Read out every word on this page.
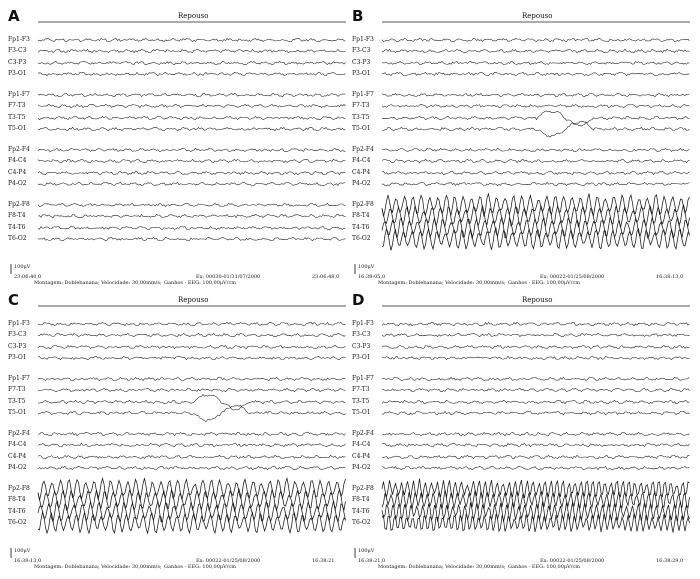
A	Repouso
Fp1-F3
F3-C3
C3-P3
P3-O1
Fp1-F7
F7-T3
T3-T5
T5-O1
Fp2-F4
F4-C4
C4-P4
P4-O2
Fp2-F8
F8-T4
T4-T6
T6-O2
100μV
23:06:40,0	Ex: 00030-01/31/07/2000	23:06:48,0
Montagem: Doblebanana; Velocidade: 30,00mm/s; Ganhos - EEG: 100,00μV/cm
B	Repouso
Fp1-F3
F3-C3
C3-P3
P3-O1
Fp1-F7
F7-T3
T3-T5
T5-O1
Fp2-F4
F4-C4
C4-P4
P4-O2
Fp2-F8
F8-T4
T4-T6
T6-O2
100μV
16:38:05,0	Ex: 00022-01/25/08/2000	16:38:13,0
Montagem: Doblebanana; Velocidade: 30,00mm/s; Ganhos - EEG: 100,00μV/cm
C	Repouso
Fp1-F3
F3-C3
C3-P3
P3-O1
Fp1-F7
F7-T3
T3-T5
T5-O1
Fp2-F4
F4-C4
C4-P4
P4-O2
Fp2-F8
F8-T4
T4-T6
T6-O2
100μV
16:38:13,0	Ex: 00022-01/25/08/2000	16:38:21
Montagem: Doblebanana; Velocidade: 30,00mm/s; Ganhos - EEG: 100,00μV/cm
D	Repouso
Fp1-F3
F3-C3
C3-P3
P3-O1
Fp1-F7
F7-T3
T3-T5
T5-O1
Fp2-F4
F4-C4
C4-P4
P4-O2
Fp2-F8
F8-T4
T4-T6
T6-O2
100μV
16:38:21,0	Ex: 00022-01/25/08/2000	16:38:29,0
Montagem: Doblebanana; Velocidade: 30,00mm/s; Ganhos - EEG: 100,00μV/cm
